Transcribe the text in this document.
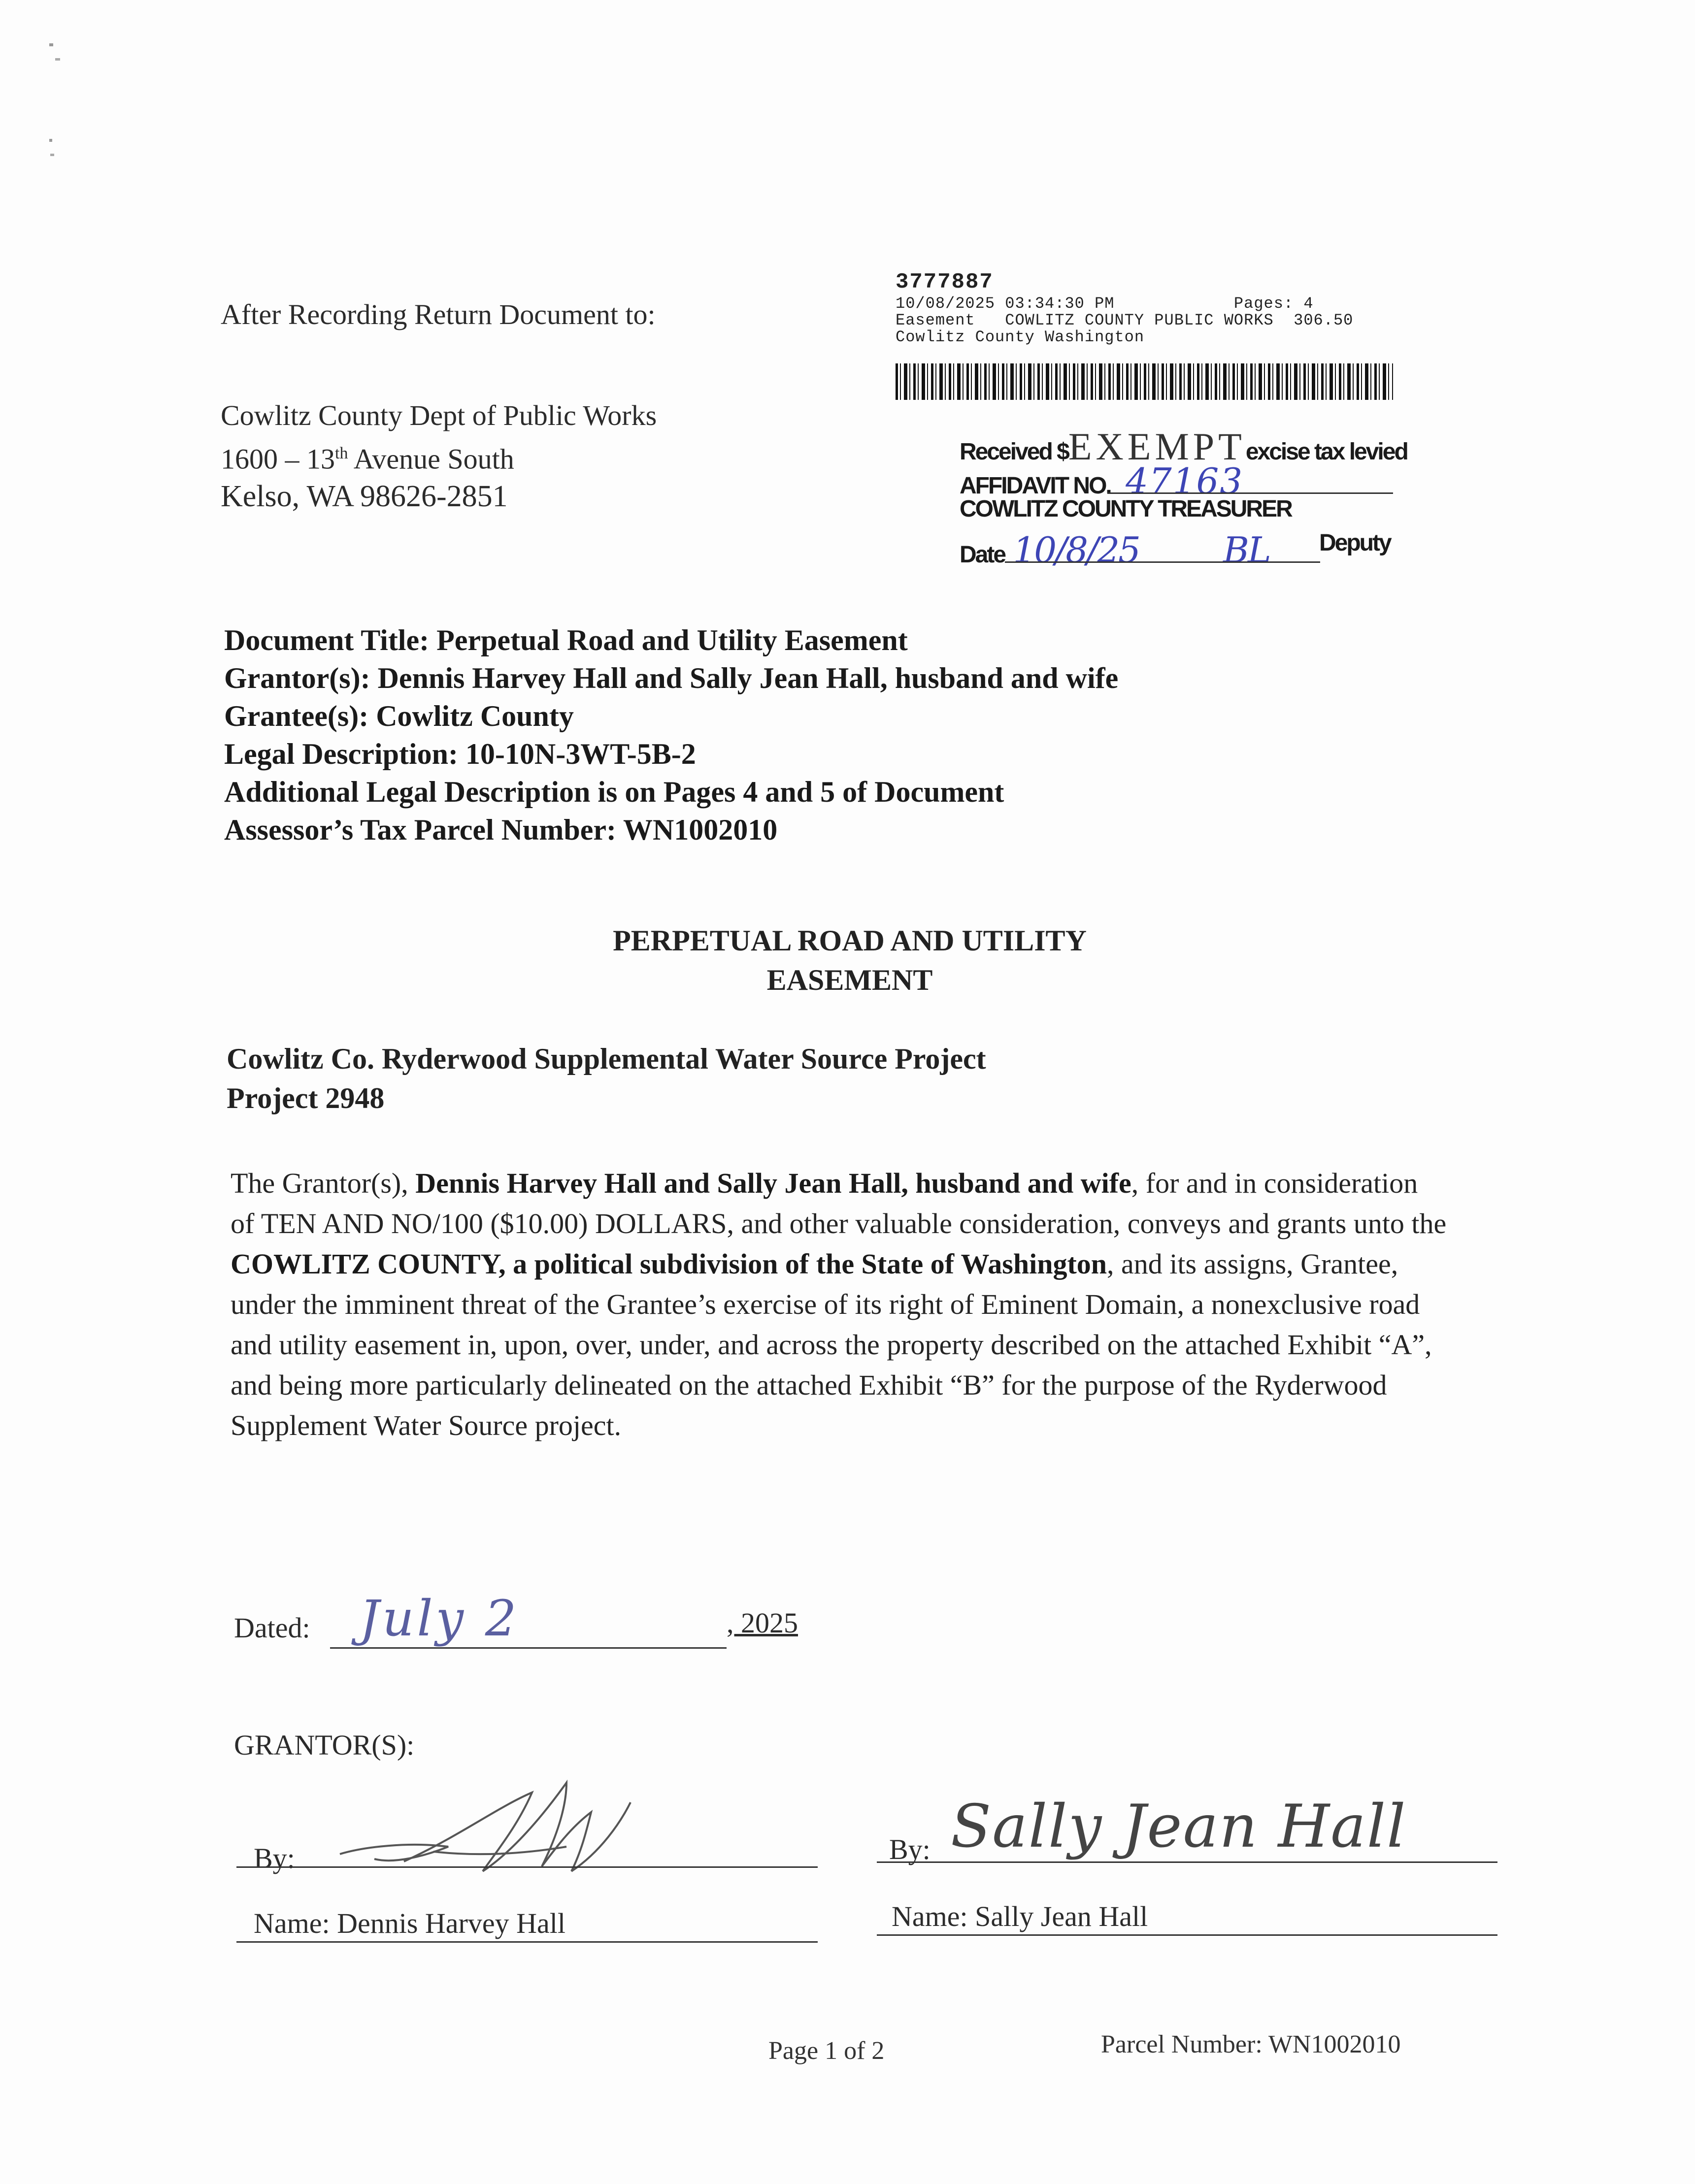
After Recording Return Document to:
Cowlitz County Dept of Public Works
1600 – 13th Avenue South
Kelso, WA 98626-2851
3777887
10/08/2025 03:34:30 PM            Pages: 4
Easement   COWLITZ COUNTY PUBLIC WORKS  306.50
Cowlitz County Washington
Received $EXEMPTexcise tax levied
AFFIDAVIT NO. 47163
COWLITZ COUNTY TREASURER
Date 10/8/25 BL Deputy
Document Title: Perpetual Road and Utility Easement
Grantor(s): Dennis Harvey Hall and Sally Jean Hall, husband and wife
Grantee(s): Cowlitz County
Legal Description: 10-10N-3WT-5B-2
Additional Legal Description is on Pages 4 and 5 of Document
Assessor’s Tax Parcel Number: WN1002010
PERPETUAL ROAD AND UTILITY
EASEMENT
Cowlitz Co. Ryderwood Supplemental Water Source Project
Project 2948
The Grantor(s), Dennis Harvey Hall and Sally Jean Hall, husband and wife, for and in consideration of TEN AND NO/100 ($10.00) DOLLARS, and other valuable consideration, conveys and grants unto the COWLITZ COUNTY, a political subdivision of the State of Washington, and its assigns, Grantee, under the imminent threat of the Grantee’s exercise of its right of Eminent Domain, a nonexclusive road and utility easement in, upon, over, under, and across the property described on the attached Exhibit “A”, and being more particularly delineated on the attached Exhibit “B” for the purpose of the Ryderwood Supplement Water Source project.
Dated: July 2	, 2025
GRANTOR(S):
By:
Name: Dennis Harvey Hall
By: Sally Jean Hall
Name: Sally Jean Hall
Page 1 of 2	Parcel Number: WN1002010
